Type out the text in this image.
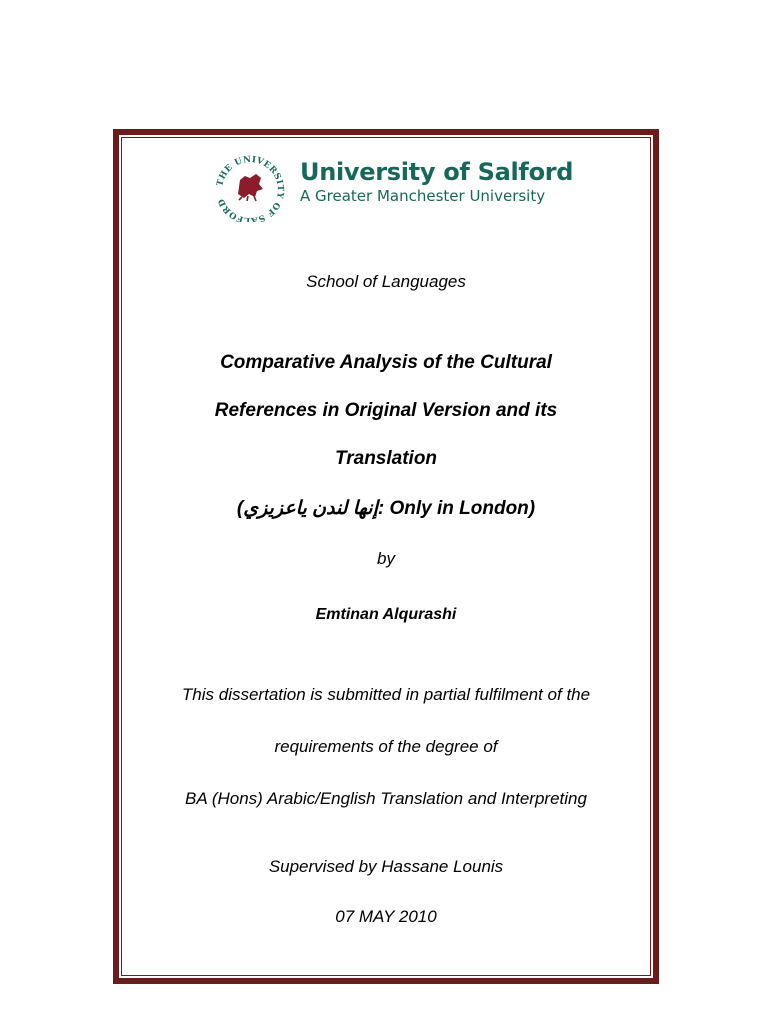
THE UNIVERSITY OF SALFORD
University of Salford
A Greater Manchester University
School of Languages
Comparative Analysis of the Cultural
References in Original Version and its
Translation
(إنها لندن ياعزيزي: Only in London)
by
Emtinan Alqurashi
This dissertation is submitted in partial fulfilment of the
requirements of the degree of
BA (Hons) Arabic/English Translation and Interpreting
Supervised by Hassane Lounis
07 MAY 2010
